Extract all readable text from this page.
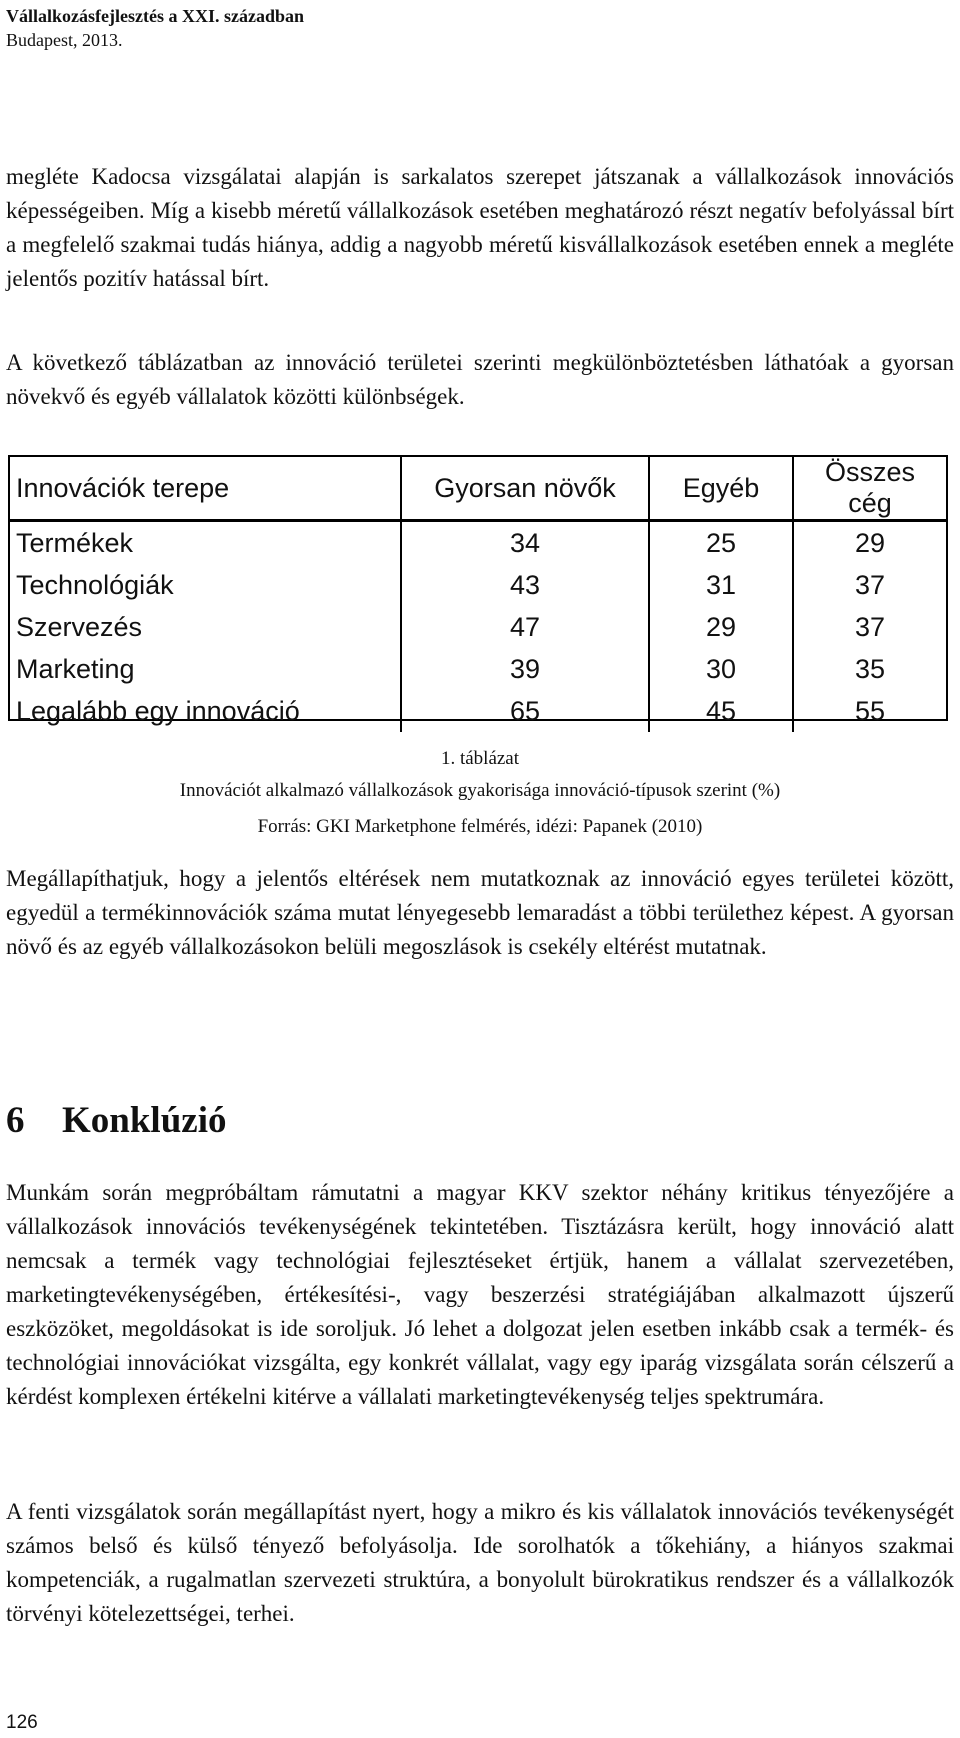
Vállalkozásfejlesztés a XXI. században
Budapest, 2013.

megléte Kadocsa vizsgálatai alapján is sarkalatos szerepet játszanak a vállalkozások innovációs képességeiben. Míg a kisebb méretű vállalkozások esetében meghatározó részt negatív befolyással bírt a megfelelő szakmai tudás hiánya, addig a nagyobb méretű kisvállalkozások esetében ennek a megléte jelentős pozitív hatással bírt.

A következő táblázatban az innováció területei szerinti megkülönböztetésben láthatóak a gyorsan növekvő és egyéb vállalatok közötti különbségek.

Innovációk terepe	Gyorsan növők	Egyéb	Összes cég
Termékek	34	25	29
Technológiák	43	31	37
Szervezés	47	29	37
Marketing	39	30	35
Legalább egy innováció	65	45	55
1. táblázat
Innovációt alkalmazó vállalkozások gyakorisága innováció-típusok szerint (%)
Forrás: GKI Marketphone felmérés, idézi: Papanek (2010)

Megállapíthatjuk, hogy a jelentős eltérések nem mutatkoznak az innováció egyes területei között, egyedül a termékinnovációk száma mutat lényegesebb lemaradást a többi területhez képest. A gyorsan növő és az egyéb vállalkozásokon belüli megoszlások is csekély eltérést mutatnak.

6 Konklúzió

Munkám során megpróbáltam rámutatni a magyar KKV szektor néhány kritikus tényezőjére a vállalkozások innovációs tevékenységének tekintetében. Tisztázásra került, hogy innováció alatt nemcsak a termék vagy technológiai fejlesztéseket értjük, hanem a vállalat szervezetében, marketingtevékenységében, értékesítési-, vagy beszerzési stratégiájában alkalmazott újszerű eszközöket, megoldásokat is ide soroljuk. Jó lehet a dolgozat jelen esetben inkább csak a termék- és technológiai innovációkat vizsgálta, egy konkrét vállalat, vagy egy iparág vizsgálata során célszerű a kérdést komplexen értékelni kitérve a vállalati marketingtevékenység teljes spektrumára.

A fenti vizsgálatok során megállapítást nyert, hogy a mikro és kis vállalatok innovációs tevékenységét számos belső és külső tényező befolyásolja. Ide sorolhatók a tőkehiány, a hiányos szakmai kompetenciák, a rugalmatlan szervezeti struktúra, a bonyolult bürokratikus rendszer és a vállalkozók törvényi kötelezettségei, terhei.

126
